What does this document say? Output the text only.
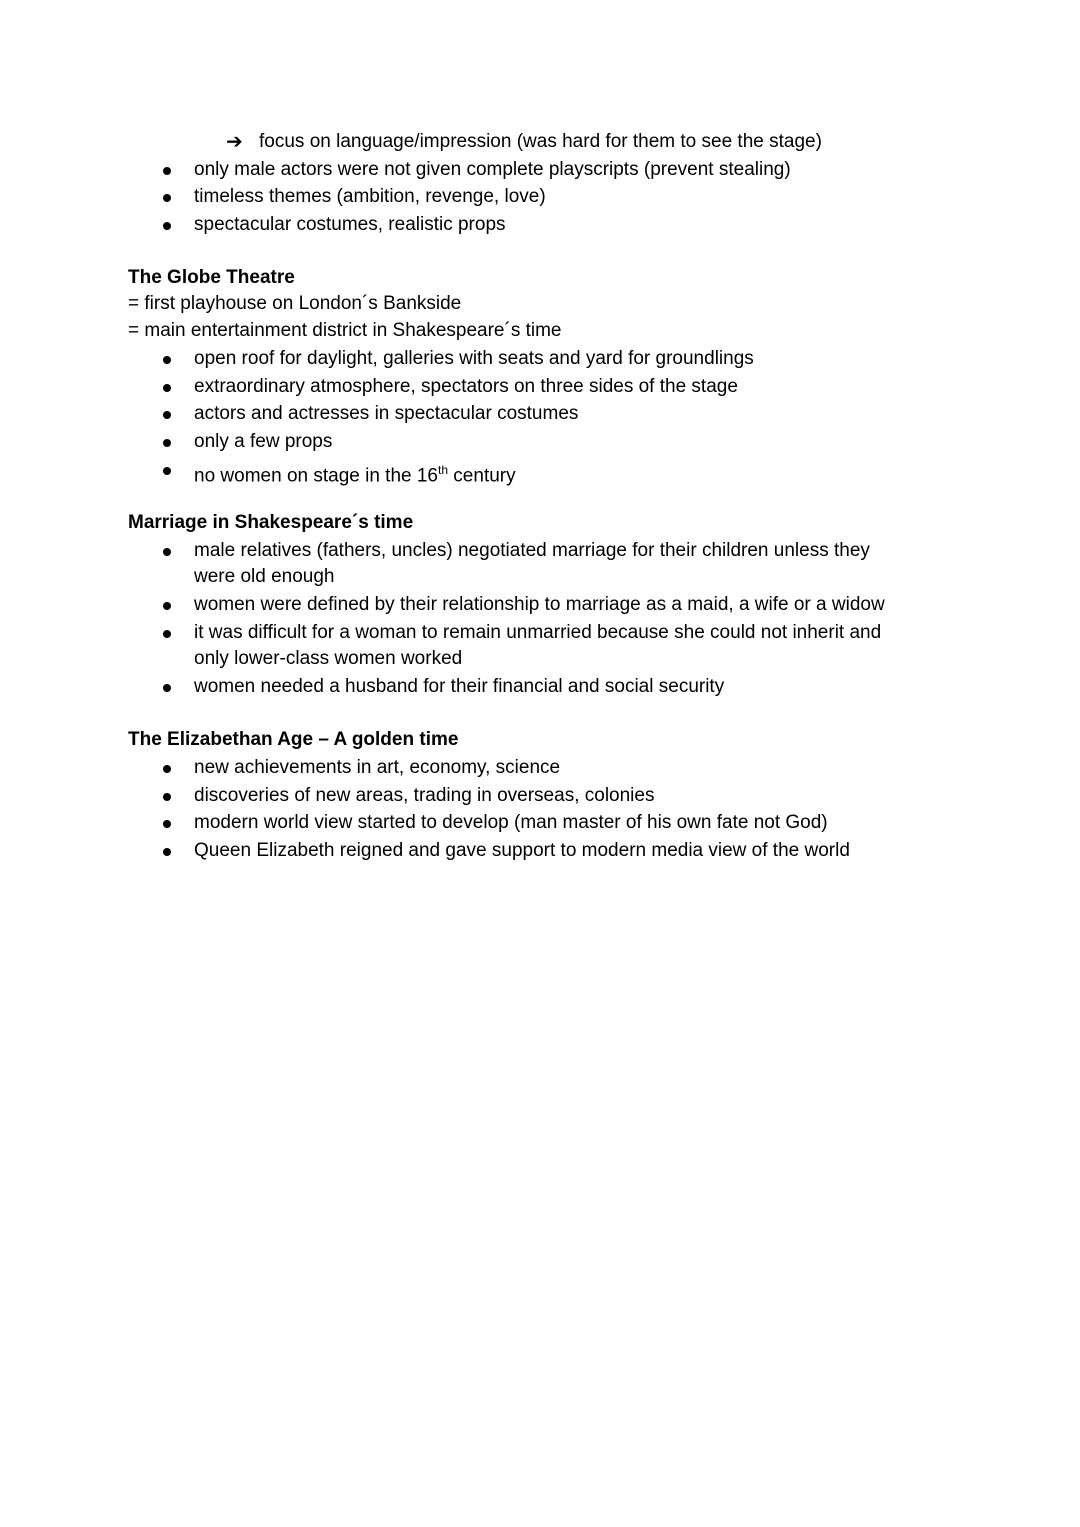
➔ focus on language/impression (was hard for them to see the stage)
only male actors were not given complete playscripts (prevent stealing)
timeless themes (ambition, revenge, love)
spectacular costumes, realistic props
The Globe Theatre
= first playhouse on London´s Bankside
= main entertainment district in Shakespeare´s time
open roof for daylight, galleries with seats and yard for groundlings
extraordinary atmosphere, spectators on three sides of the stage
actors and actresses in spectacular costumes
only a few props
no women on stage in the 16th century
Marriage in Shakespeare´s time
male relatives (fathers, uncles) negotiated marriage for their children unless they
were old enough
women were defined by their relationship to marriage as a maid, a wife or a widow
it was difficult for a woman to remain unmarried because she could not inherit and
only lower-class women worked
women needed a husband for their financial and social security
The Elizabethan Age – A golden time
new achievements in art, economy, science
discoveries of new areas, trading in overseas, colonies
modern world view started to develop (man master of his own fate not God)
Queen Elizabeth reigned and gave support to modern media view of the world
